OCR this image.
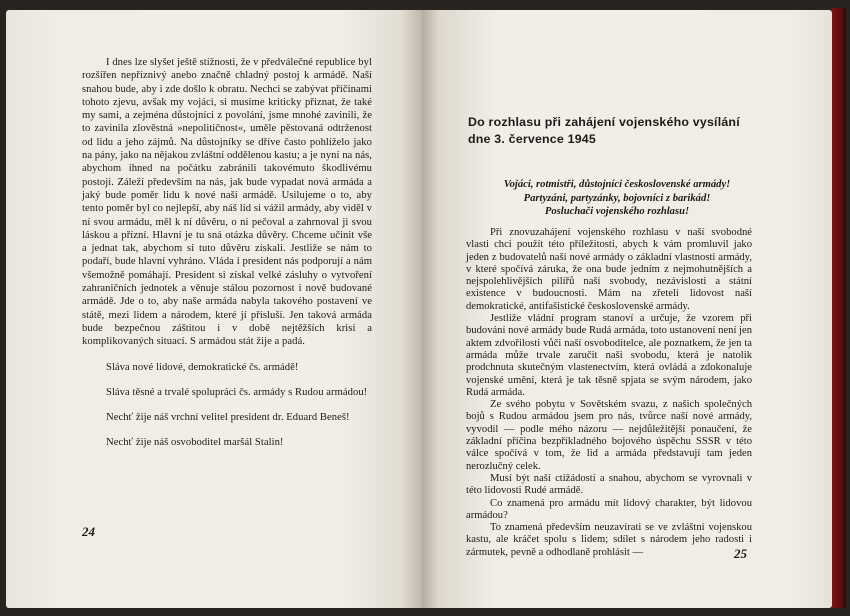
I dnes lze slyšet ještě stížnosti, že v předválečné republice byl rozšířen nepříznivý anebo značně chladný postoj k armádě. Naší snahou bude, aby i zde došlo k obratu. Nechci se zabývat příčinami tohoto zjevu, avšak my vojáci, si musíme kriticky přiznat, že také my sami, a zejména důstojníci z povolání, jsme mnohé zavinili, že to zavinila zlověstná »nepolitičnost«, uměle pěstovaná odtrženost od lidu a jeho zájmů. Na důstojníky se dříve často pohlíželo jako na pány, jako na nějakou zvláštní oddělenou kastu; a je nyní na nás, abychom ihned na počátku zabránili takovémuto škodlivému postoji. Záleží především na nás, jak bude vypadat nová armáda a jaký bude poměr lidu k nové naší armádě. Usilujeme o to, aby tento poměr byl co nejlepší, aby náš lid si vážil armády, aby viděl v ní svou armádu, měl k ní důvěru, o ni pečoval a zahrnoval ji svou láskou a přízní. Hlavní je tu sná otázka důvěry. Chceme učinit vše a jednat tak, abychom si tuto důvěru získali. Jestliže se nám to podaří, bude hlavní vyhráno. Vláda i president nás podporují a nám všemožně pomáhají. President si získal velké zásluhy o vytvoření zahraničních jednotek a věnuje stálou pozornost i nově budované armádě. Jde o to, aby naše armáda nabyla takového postavení ve státě, mezi lidem a národem, které jí přísluší. Jen taková armáda bude bezpečnou záštitou i v době nejtěžších krisí a komplikovaných situací. S armádou stát žije a padá.

Sláva nové lidové, demokratické čs. armádě!

Sláva těsné a trvalé spolupráci čs. armády s Rudou armádou!

Nechť žije náš vrchní velitel president dr. Eduard Beneš!

Nechť žije náš osvoboditel maršál Stalin!

24
Do rozhlasu při zahájení vojenského vysílání
dne 3. července 1945
Vojáci, rotmistři, důstojníci československé armády!
Partyzáni, partyzánky, bojovníci z barikád!
Posluchači vojenského rozhlasu!

Při znovuzahájení vojenského rozhlasu v naší svobodné vlasti chci použít této příležitosti, abych k vám promluvil jako jeden z budovatelů naší nové armády o základní vlastnosti armády, v které spočívá záruka, že ona bude jedním z nejmohutnějších a nejspolehlivějších pilířů naší svobody, nezávislosti a státní existence v budoucnosti. Mám na zřeteli lidovost naší demokratické, antifašistické československé armády.

Jestliže vládní program stanoví a určuje, že vzorem při budování nové armády bude Rudá armáda, toto ustanovení není jen aktem zdvořilosti vůči naší osvoboditelce, ale poznatkem, že jen ta armáda může trvale zaručit naši svobodu, která je natolik prodchnuta skutečným vlastenectvím, která ovládá a zdokonaluje vojenské umění, která je tak těsně spjata se svým národem, jako Rudá armáda.

Ze svého pobytu v Sovětském svazu, z našich společných bojů s Rudou armádou jsem pro nás, tvůrce naší nové armády, vyvodil — podle mého názoru — nejdůležitější ponaučení, že základní příčina bezpříkladného bojového úspěchu SSSR v této válce spočívá v tom, že lid a armáda představují tam jeden nerozlučný celek.

Musí být naší ctižádostí a snahou, abychom se vyrovnali v této lidovosti Rudé armádě.

Co znamená pro armádu mít lidový charakter, být lidovou armádou?

To znamená především neuzavírati se ve zvláštní vojenskou kastu, ale kráčet spolu s lidem; sdílet s národem jeho radosti i zármutek, pevně a odhodlaně prohlásit —	25
